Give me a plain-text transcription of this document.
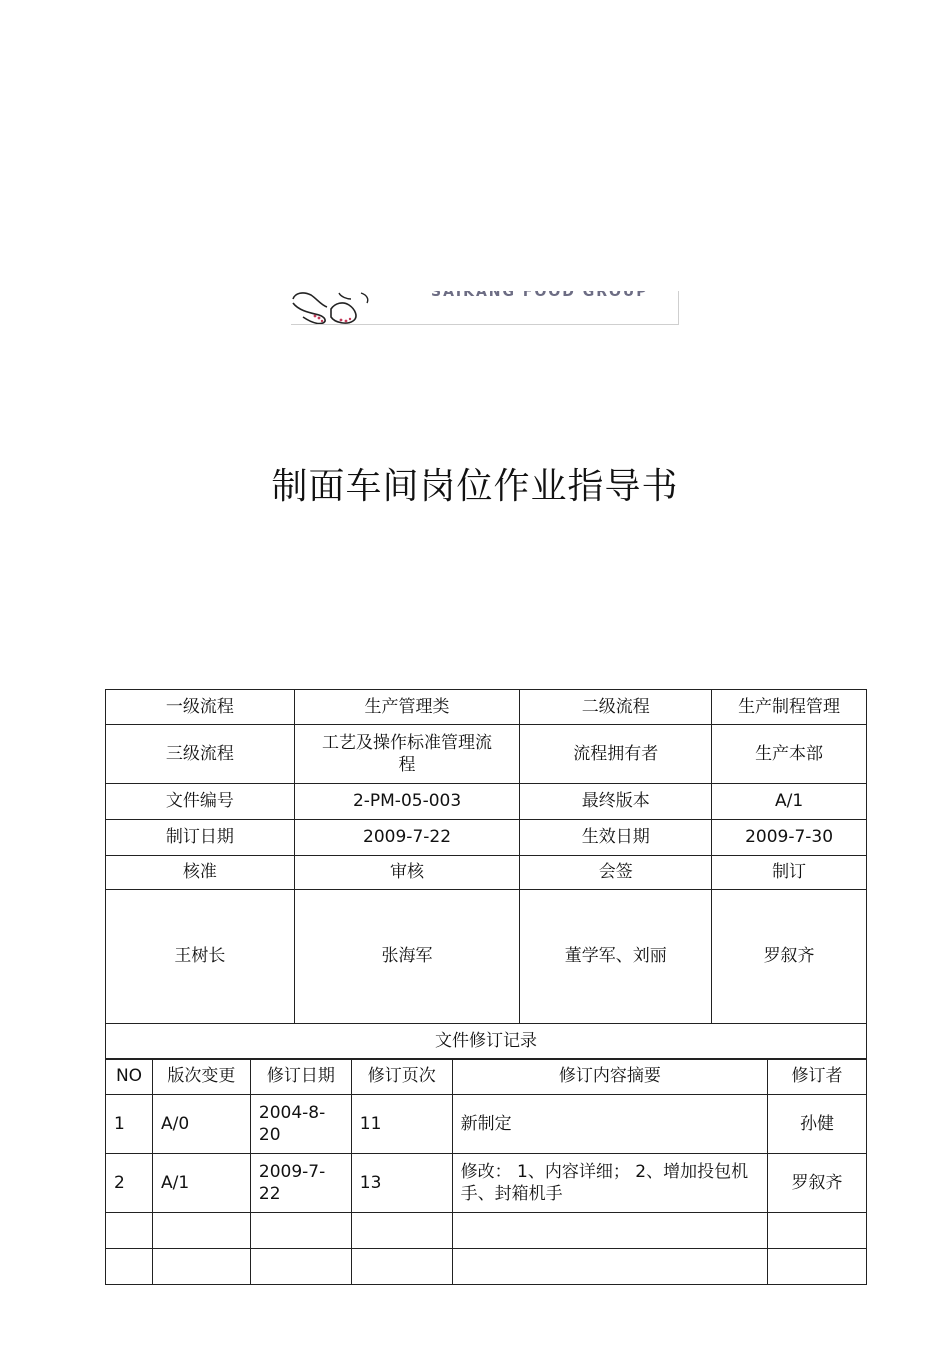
SAIKANG FOOD GROUP
制面车间岗位作业指导书
一级流程	生产管理类	二级流程	生产制程管理
三级流程	工艺及操作标准管理流程	流程拥有者	生产本部
文件编号	2-PM-05-003	最终版本	A/1
制订日期	2009-7-22	生效日期	2009-7-30
核准	审核	会签	制订
王树长	张海军	董学军、刘丽	罗叙齐
文件修订记录			
NO	版次变更	修订日期	修订页次	修订内容摘要	修订者
1	A/0	2004-8-20	11	新制定	孙健
2	A/1	2009-7-22	13	修改： 1、内容详细； 2、增加投包机手、封箱机手	罗叙齐
